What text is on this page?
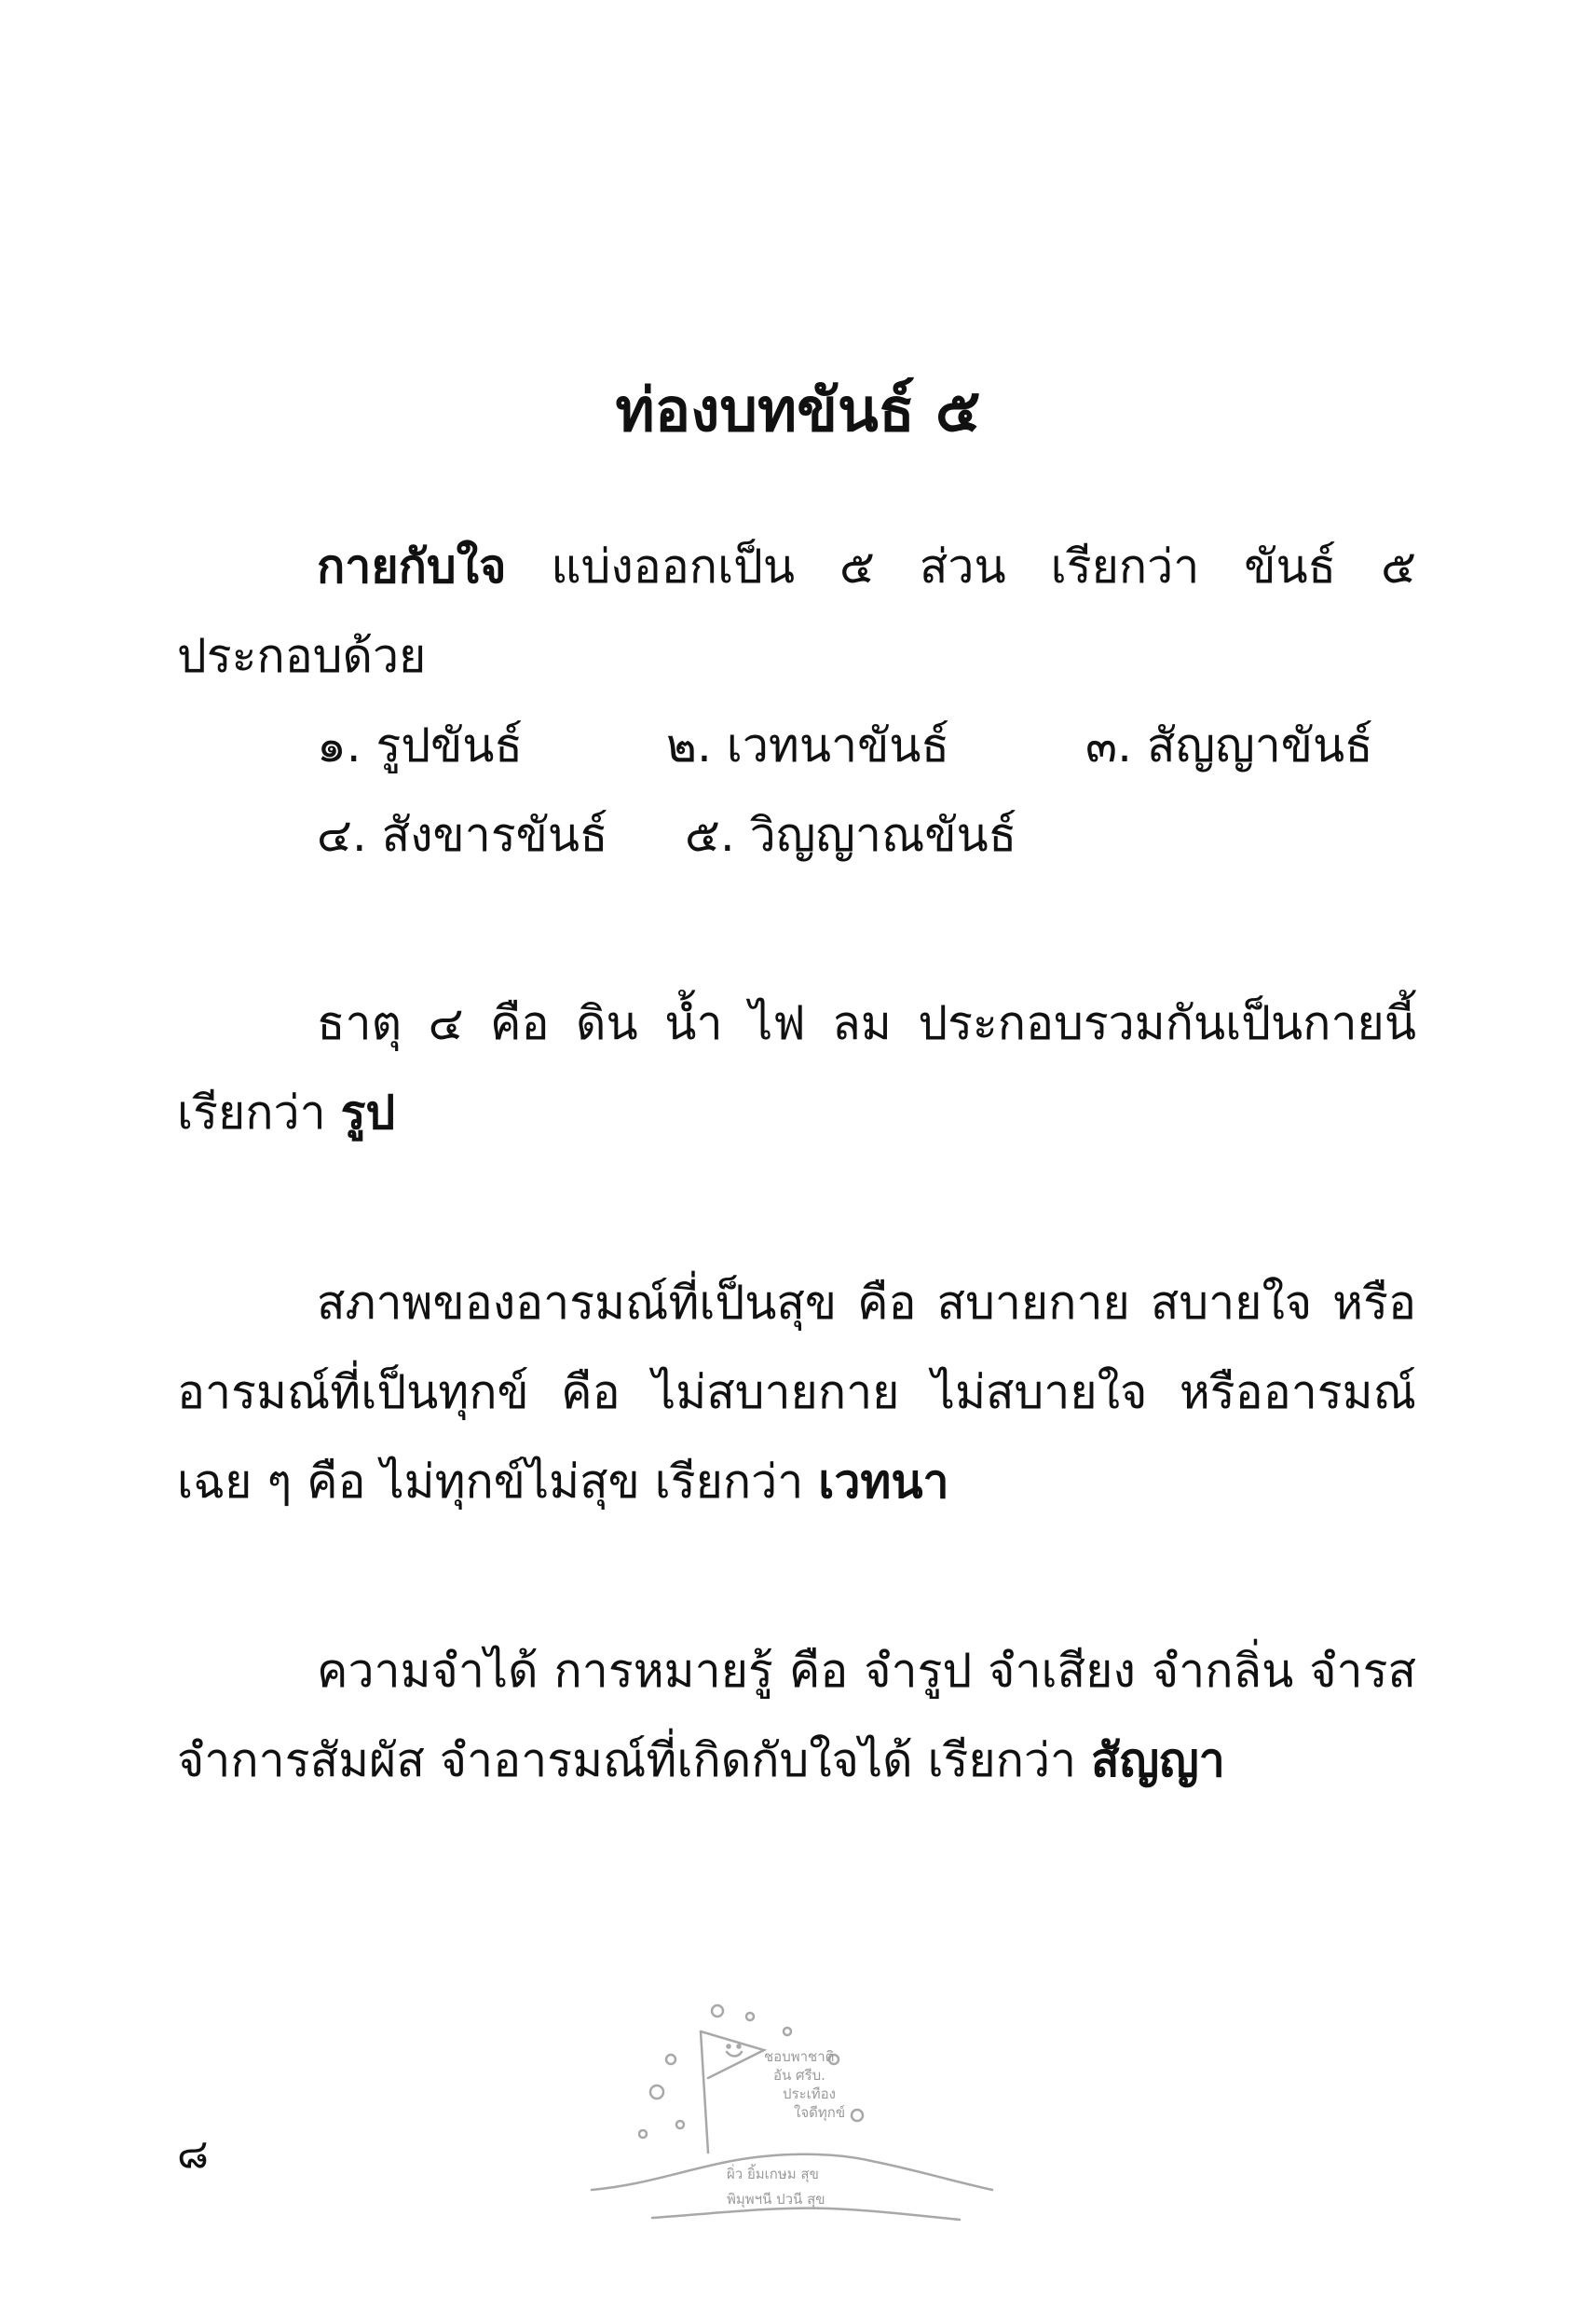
ท่องบทขันธ์ ๕

กายกับใจ แบ่งออกเป็น ๕ ส่วน เรียกว่า ขันธ์ ๕ ประกอบด้วย

๑. รูปขันธ์	๒. เวทนาขันธ์	๓. สัญญาขันธ์
๔. สังขารขันธ์ ๕. วิญญาณขันธ์

ธาตุ ๔ คือ ดิน น้ำ ไฟ ลม ประกอบรวมกันเป็นกายนี้ เรียกว่า รูป

สภาพของอารมณ์ที่เป็นสุข คือ สบายกาย สบายใจ หรือ อารมณ์ที่เป็นทุกข์ คือ ไม่สบายกาย ไม่สบายใจ หรืออารมณ์ เฉย ๆ คือ ไม่ทุกข์ไม่สุข เรียกว่า เวทนา

ความจำได้ การหมายรู้ คือ จำรูป จำเสียง จำกลิ่น จำรส จำการสัมผัส จำอารมณ์ที่เกิดกับใจได้ เรียกว่า สัญญา

ชอบพาชาติ
อัน ศรีบ.
ประเทือง
ใจดีทุกข์
ผิ่ว ยิ้มเกษม สุข
พิมุพฯนี ปวนี สุข
๘
